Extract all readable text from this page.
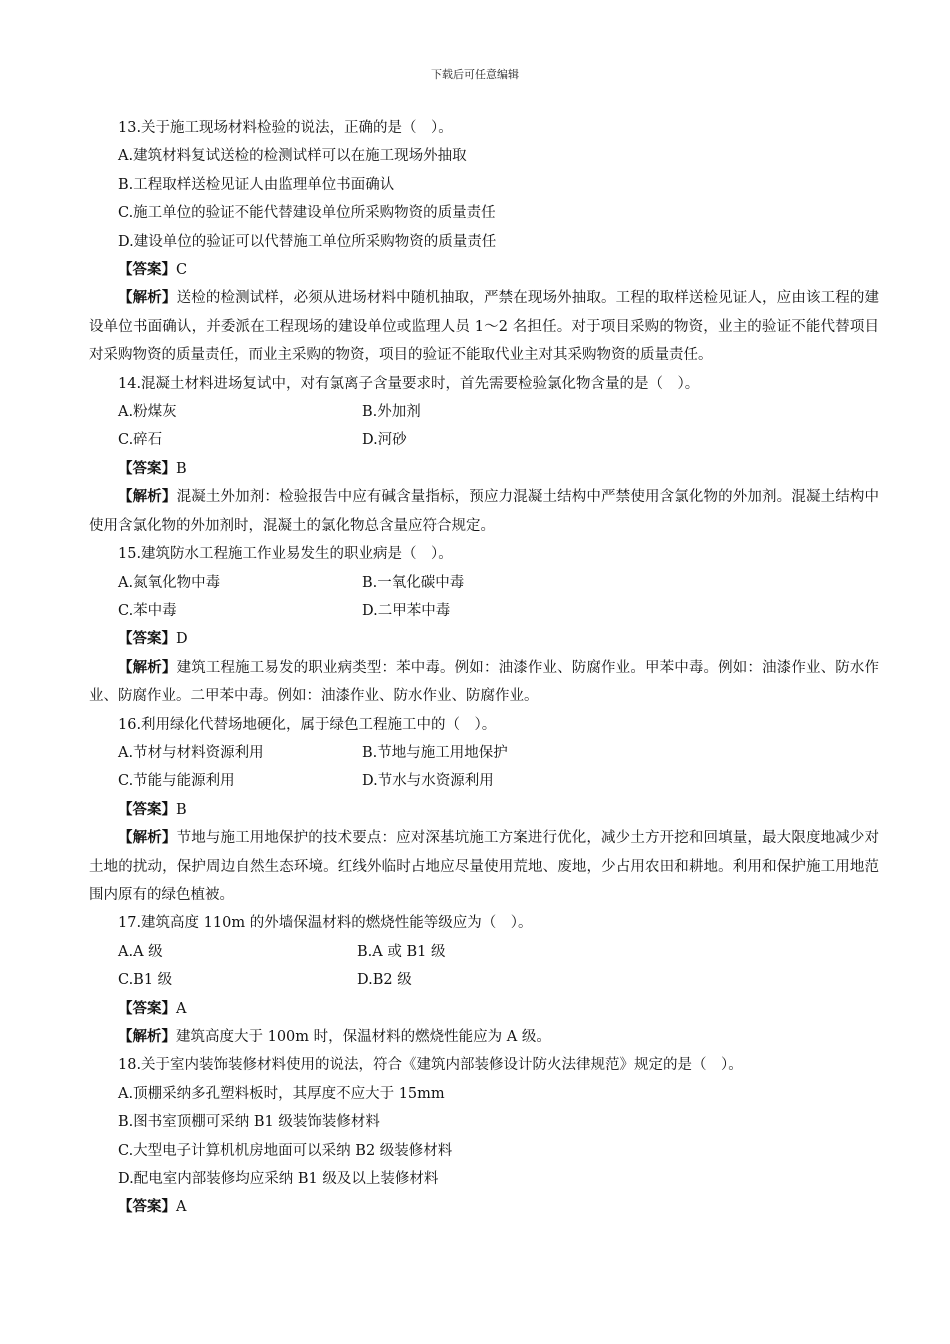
下载后可任意编辑

13.关于施工现场材料检验的说法，正确的是（　）。

A.建筑材料复试送检的检测试样可以在施工现场外抽取

B.工程取样送检见证人由监理单位书面确认

C.施工单位的验证不能代替建设单位所采购物资的质量责任

D.建设单位的验证可以代替施工单位所采购物资的质量责任

【答案】C

【解析】送检的检测试样，必须从进场材料中随机抽取，严禁在现场外抽取。工程的取样送检见证人，应由该工程的建设单位书面确认，并委派在工程现场的建设单位或监理人员 1～2 名担任。对于项目采购的物资，业主的验证不能代替项目对采购物资的质量责任，而业主采购的物资，项目的验证不能取代业主对其采购物资的质量责任。

14.混凝土材料进场复试中，对有氯离子含量要求时，首先需要检验氯化物含量的是（　）。

A.粉煤灰	B.外加剂
C.碎石	D.河砂

【答案】B

【解析】混凝土外加剂：检验报告中应有碱含量指标，预应力混凝土结构中严禁使用含氯化物的外加剂。混凝土结构中使用含氯化物的外加剂时，混凝土的氯化物总含量应符合规定。

15.建筑防水工程施工作业易发生的职业病是（　）。

A.氮氧化物中毒	B.一氧化碳中毒
C.苯中毒	D.二甲苯中毒

【答案】D

【解析】建筑工程施工易发的职业病类型：苯中毒。例如：油漆作业、防腐作业。甲苯中毒。例如：油漆作业、防水作业、防腐作业。二甲苯中毒。例如：油漆作业、防水作业、防腐作业。

16.利用绿化代替场地硬化，属于绿色工程施工中的（　）。

A.节材与材料资源利用	B.节地与施工用地保护
C.节能与能源利用	D.节水与水资源利用

【答案】B

【解析】节地与施工用地保护的技术要点：应对深基坑施工方案进行优化，减少土方开挖和回填量，最大限度地减少对土地的扰动，保护周边自然生态环境。红线外临时占地应尽量使用荒地、废地，少占用农田和耕地。利用和保护施工用地范围内原有的绿色植被。

17.建筑高度 110m 的外墙保温材料的燃烧性能等级应为（　）。

A.A 级	B.A 或 B1 级
C.B1 级	D.B2 级

【答案】A

【解析】建筑高度大于 100m 时，保温材料的燃烧性能应为 A 级。

18.关于室内装饰装修材料使用的说法，符合《建筑内部装修设计防火法律规范》规定的是（　）。

A.顶棚采纳多孔塑料板时，其厚度不应大于 15mm

B.图书室顶棚可采纳 B1 级装饰装修材料

C.大型电子计算机机房地面可以采纳 B2 级装修材料

D.配电室内部装修均应采纳 B1 级及以上装修材料

【答案】A
